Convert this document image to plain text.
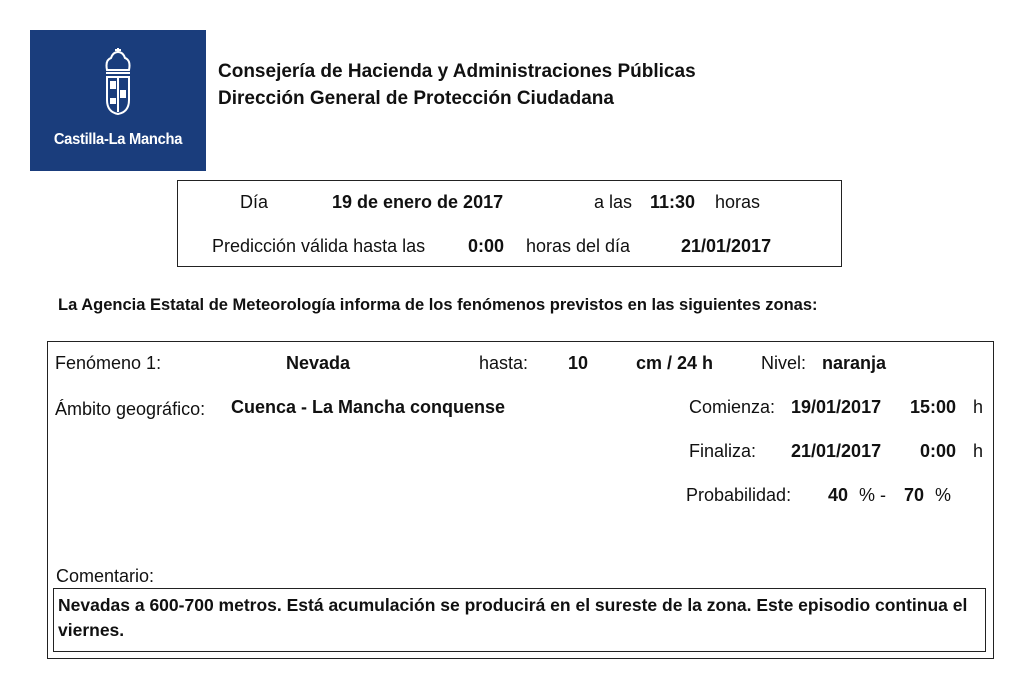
Castilla-La Mancha
Consejería de Hacienda y Administraciones Públicas
Dirección General de Protección Ciudadana
Día	19 de enero de 2017	a las 11:30 horas
Predicción válida hasta las 0:00 horas del día	21/01/2017
La Agencia Estatal de Meteorología informa de los fenómenos previstos en las siguientes zonas:
Fenómeno 1:	Nevada	hasta: 10	cm / 24 h	Nivel: naranja
Ámbito geográfico: Cuenca - La Mancha conquense	Comienza: 19/01/2017 15:00 h
Finaliza: 21/01/2017 0:00 h
Probabilidad: 40 % - 70 %
Comentario:
Nevadas a 600-700 metros. Está acumulación se producirá en el sureste de la zona. Este episodio continua el viernes.
